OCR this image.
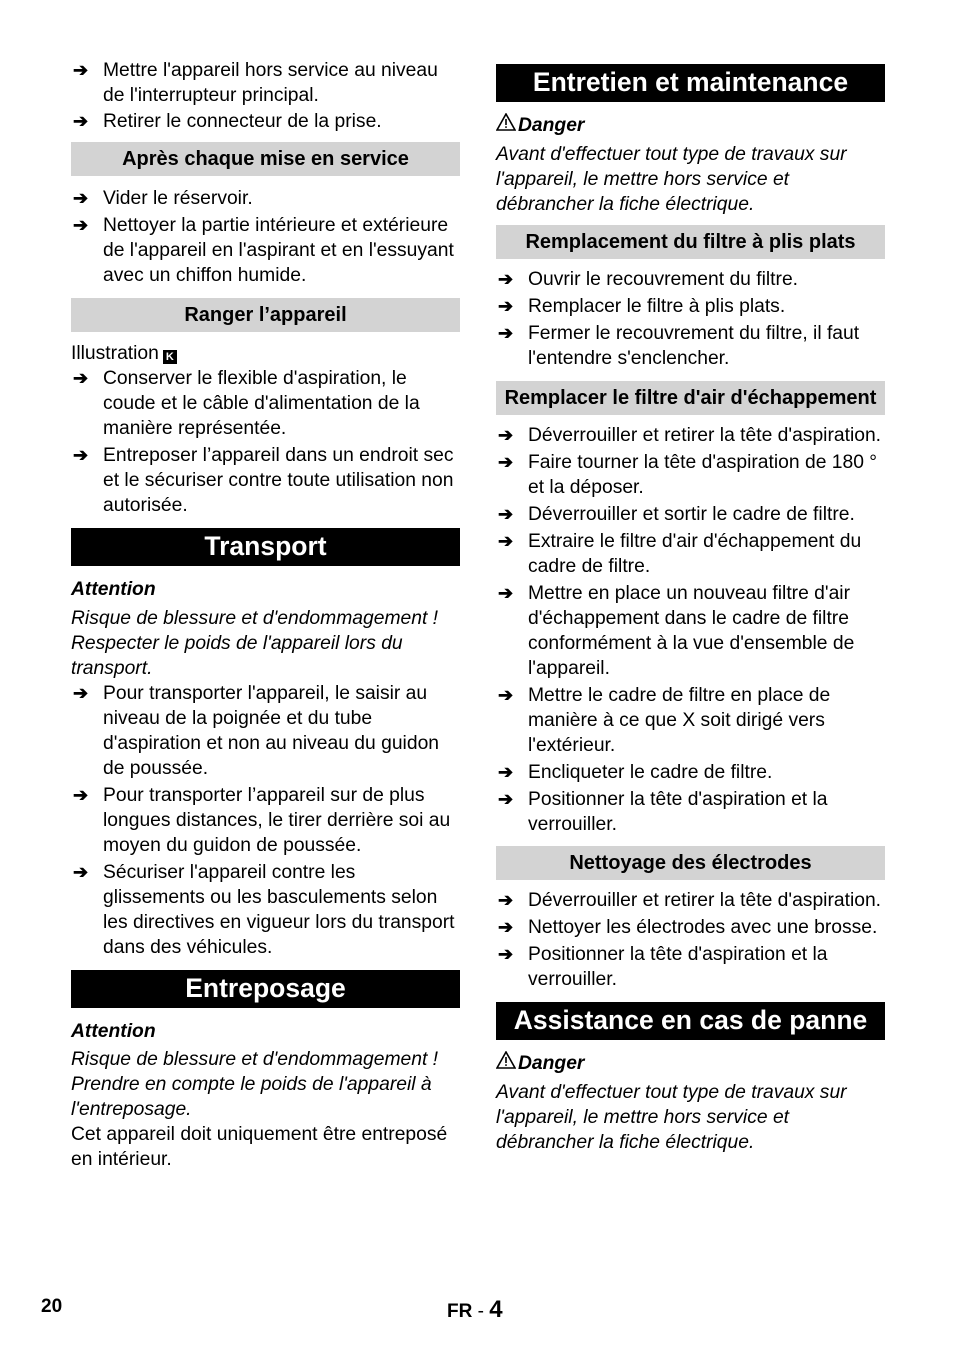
➔ Mettre l'appareil hors service au niveau de l'interrupteur principal.
➔ Retirer le connecteur de la prise.
Après chaque mise en service
➔ Vider le réservoir.
➔ Nettoyer la partie intérieure et extérieure de l'appareil en l'aspirant et en l'essuyant avec un chiffon humide.
Ranger l’appareil

Illustration K

➔ Conserver le flexible d'aspiration, le coude et le câble d'alimentation de la manière représentée.
➔ Entreposer l’appareil dans un endroit sec et le sécuriser contre toute utilisation non autorisée.
Transport

Attention

Risque de blessure et d'endommagement ! Respecter le poids de l'appareil lors du transport.

➔ Pour transporter l'appareil, le saisir au niveau de la poignée et du tube d'aspiration et non au niveau du guidon de poussée.
➔ Pour transporter l’appareil sur de plus longues distances, le tirer derrière soi au moyen du guidon de poussée.
➔ Sécuriser l'appareil contre les glissements ou les basculements selon les directives en vigueur lors du transport dans des véhicules.
Entreposage

Attention

Risque de blessure et d'endommagement ! Prendre en compte le poids de l'appareil à l'entreposage.

Cet appareil doit uniquement être entreposé en intérieur.

Entretien et maintenance

Danger

Avant d'effectuer tout type de travaux sur l'appareil, le mettre hors service et débrancher la fiche électrique.

Remplacement du filtre à plis plats
➔ Ouvrir le recouvrement du filtre.
➔ Remplacer le filtre à plis plats.
➔ Fermer le recouvrement du filtre, il faut l'entendre s'enclencher.
Remplacer le filtre d'air d'échappement
➔ Déverrouiller et retirer la tête d'aspiration.
➔ Faire tourner la tête d'aspiration de 180 ° et la déposer.
➔ Déverrouiller et sortir le cadre de filtre.
➔ Extraire le filtre d'air d'échappement du cadre de filtre.
➔ Mettre en place un nouveau filtre d'air d'échappement dans le cadre de filtre conformément à la vue d'ensemble de l'appareil.
➔ Mettre le cadre de filtre en place de manière à ce que X soit dirigé vers l'extérieur.
➔ Encliqueter le cadre de filtre.
➔ Positionner la tête d'aspiration et la verrouiller.
Nettoyage des électrodes
➔ Déverrouiller et retirer la tête d'aspiration.
➔ Nettoyer les électrodes avec une brosse.
➔ Positionner la tête d'aspiration et la verrouiller.
Assistance en cas de panne

Danger

Avant d'effectuer tout type de travaux sur l'appareil, le mettre hors service et débrancher la fiche électrique.

20	FR - 4
